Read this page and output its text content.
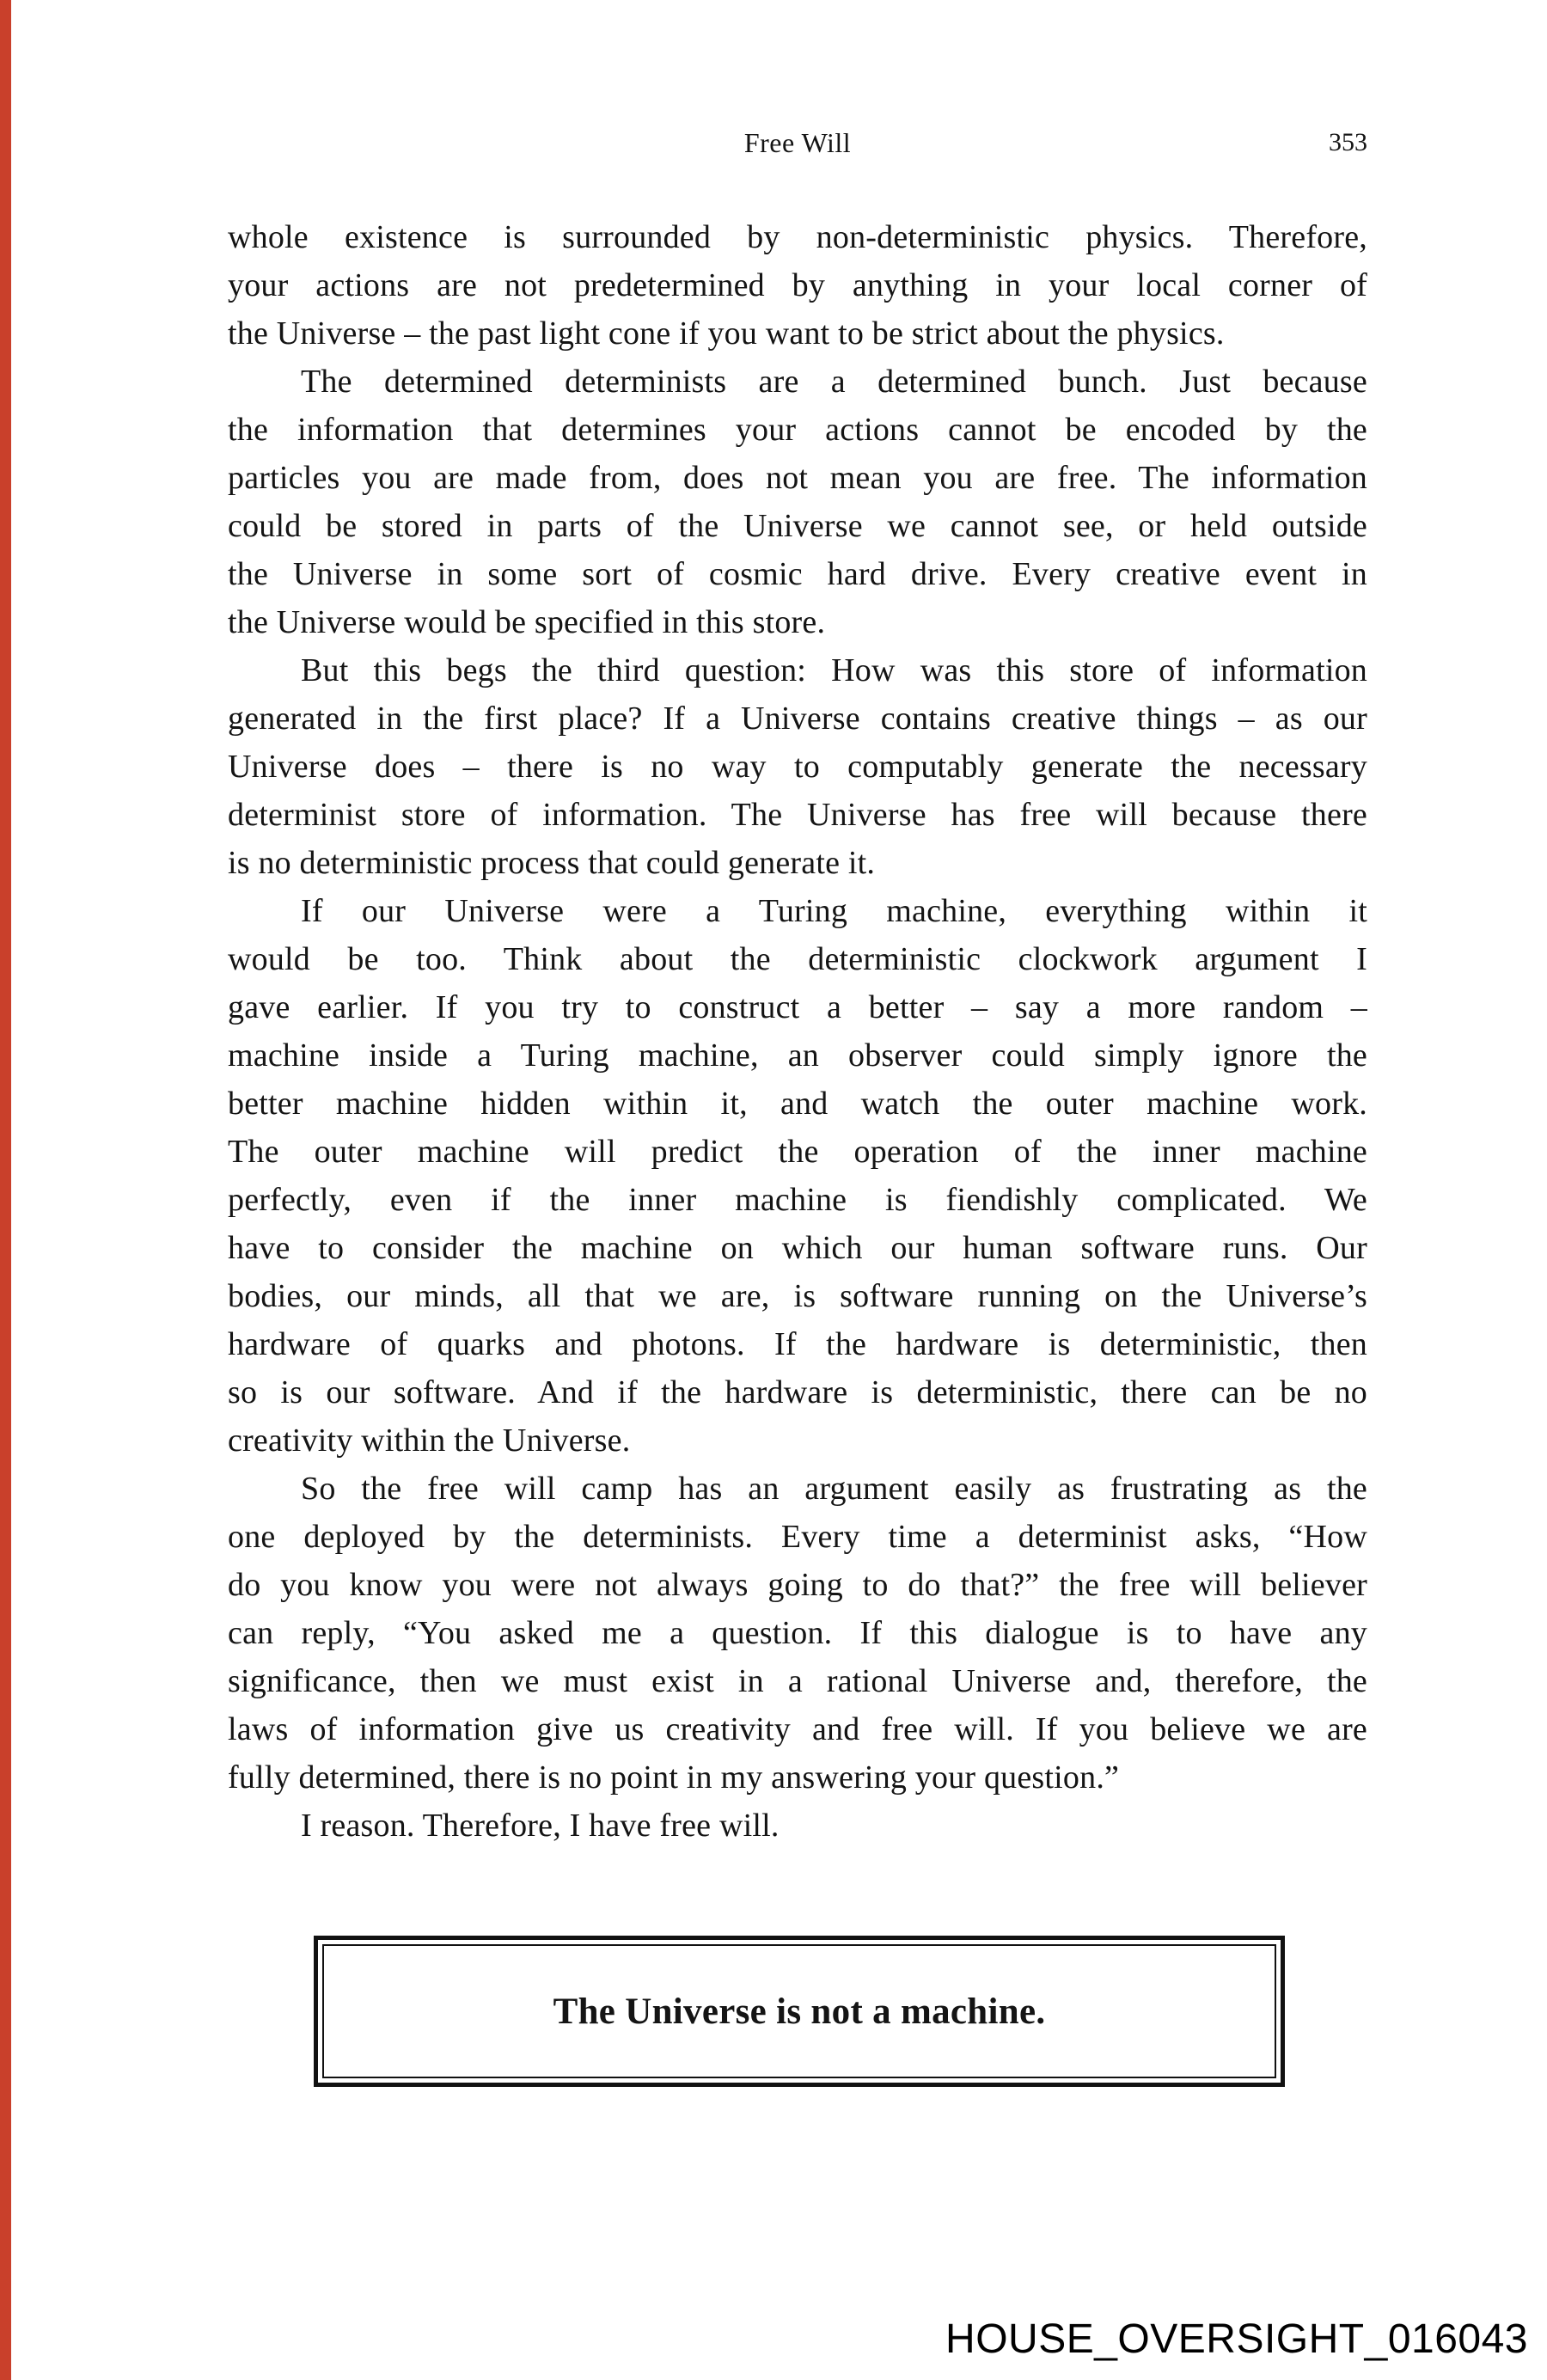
Free Will	353
whole existence is surrounded by non-deterministic physics. Therefore,
your actions are not predetermined by anything in your local corner of
the Universe – the past light cone if you want to be strict about the physics.
The determined determinists are a determined bunch. Just because
the information that determines your actions cannot be encoded by the
particles you are made from, does not mean you are free. The information
could be stored in parts of the Universe we cannot see, or held outside
the Universe in some sort of cosmic hard drive. Every creative event in
the Universe would be specified in this store.
But this begs the third question: How was this store of information
generated in the first place? If a Universe contains creative things – as our
Universe does – there is no way to computably generate the necessary
determinist store of information. The Universe has free will because there
is no deterministic process that could generate it.
If our Universe were a Turing machine, everything within it
would be too. Think about the deterministic clockwork argument I
gave earlier. If you try to construct a better – say a more random –
machine inside a Turing machine, an observer could simply ignore the
better machine hidden within it, and watch the outer machine work.
The outer machine will predict the operation of the inner machine
perfectly, even if the inner machine is fiendishly complicated. We
have to consider the machine on which our human software runs. Our
bodies, our minds, all that we are, is software running on the Universe’s
hardware of quarks and photons. If the hardware is deterministic, then
so is our software. And if the hardware is deterministic, there can be no
creativity within the Universe.
So the free will camp has an argument easily as frustrating as the
one deployed by the determinists. Every time a determinist asks, “How
do you know you were not always going to do that?” the free will believer
can reply, “You asked me a question. If this dialogue is to have any
significance, then we must exist in a rational Universe and, therefore, the
laws of information give us creativity and free will. If you believe we are
fully determined, there is no point in my answering your question.”
I reason. Therefore, I have free will.
The Universe is not a machine.
HOUSE_OVERSIGHT_016043
